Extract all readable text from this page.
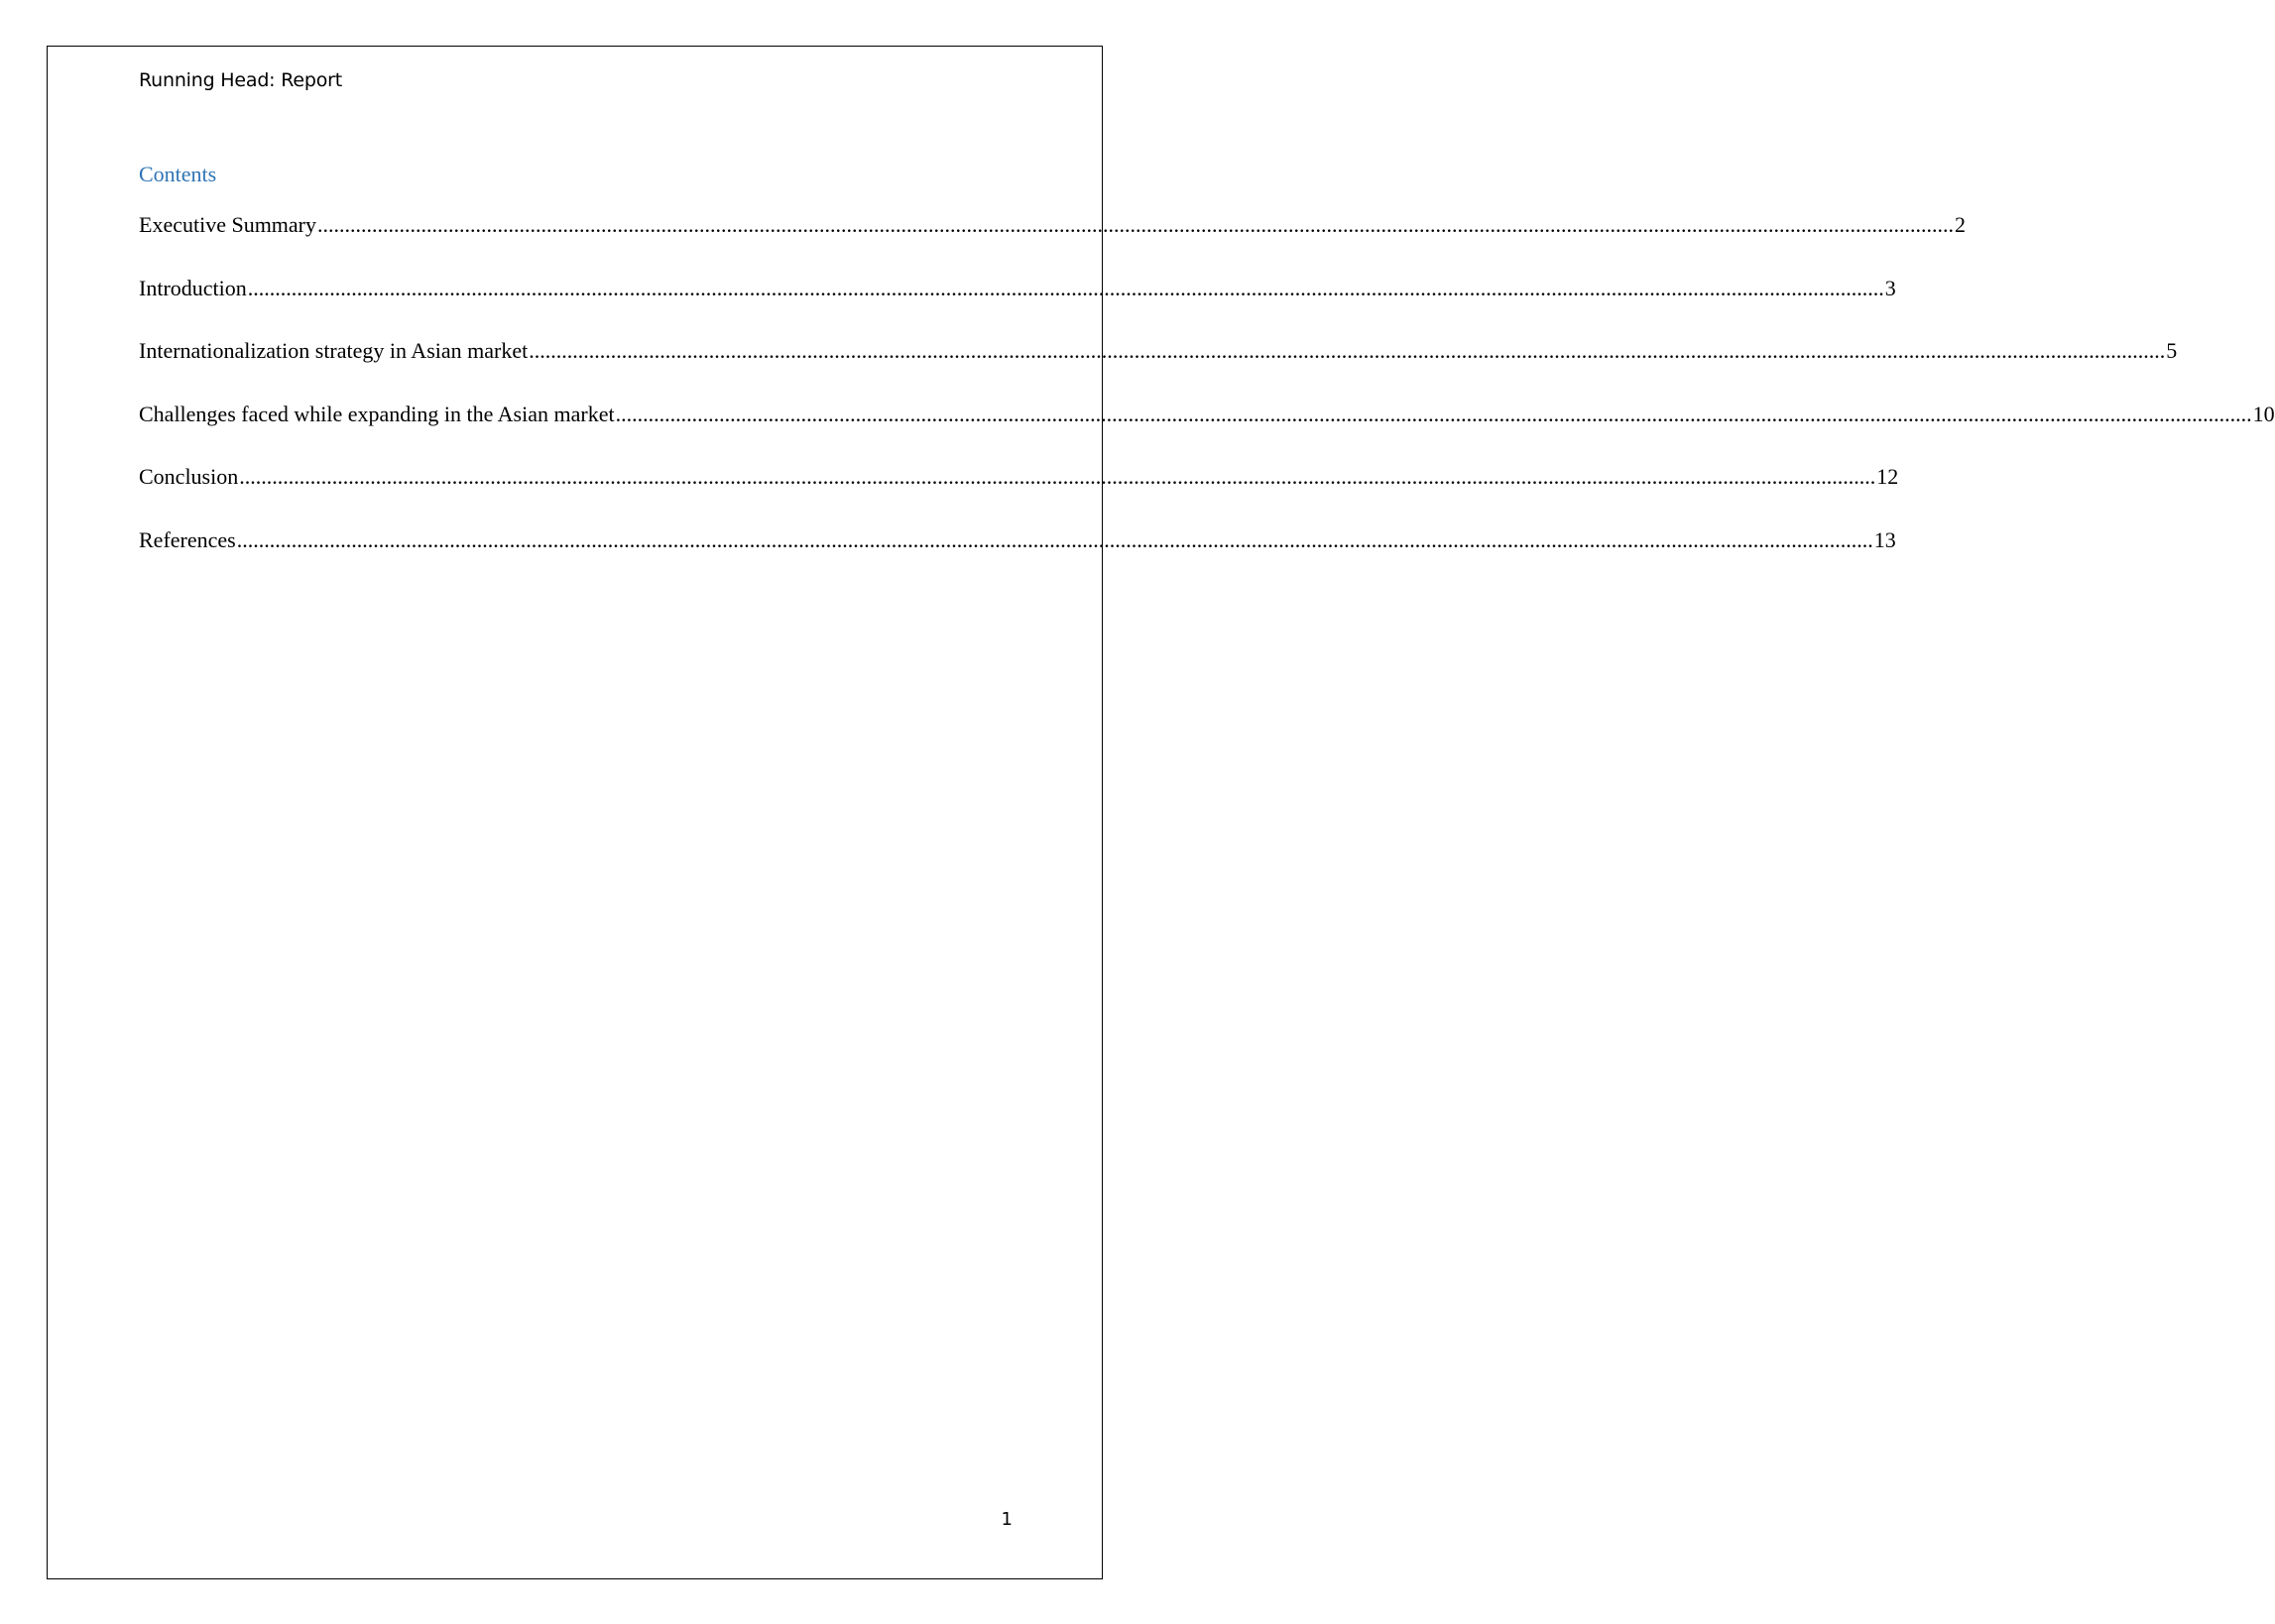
Running Head: Report
Contents
Executive Summary ............................................................................................................................................................................................................................................................................................................ 2
Introduction ............................................................................................................................................................................................................................................................................................................ 3
Internationalization strategy in Asian market ............................................................................................................................................................................................................................................................................................................ 5
Challenges faced while expanding in the Asian market ............................................................................................................................................................................................................................................................................................................ 10
Conclusion ............................................................................................................................................................................................................................................................................................................ 12
References ............................................................................................................................................................................................................................................................................................................ 13
1
